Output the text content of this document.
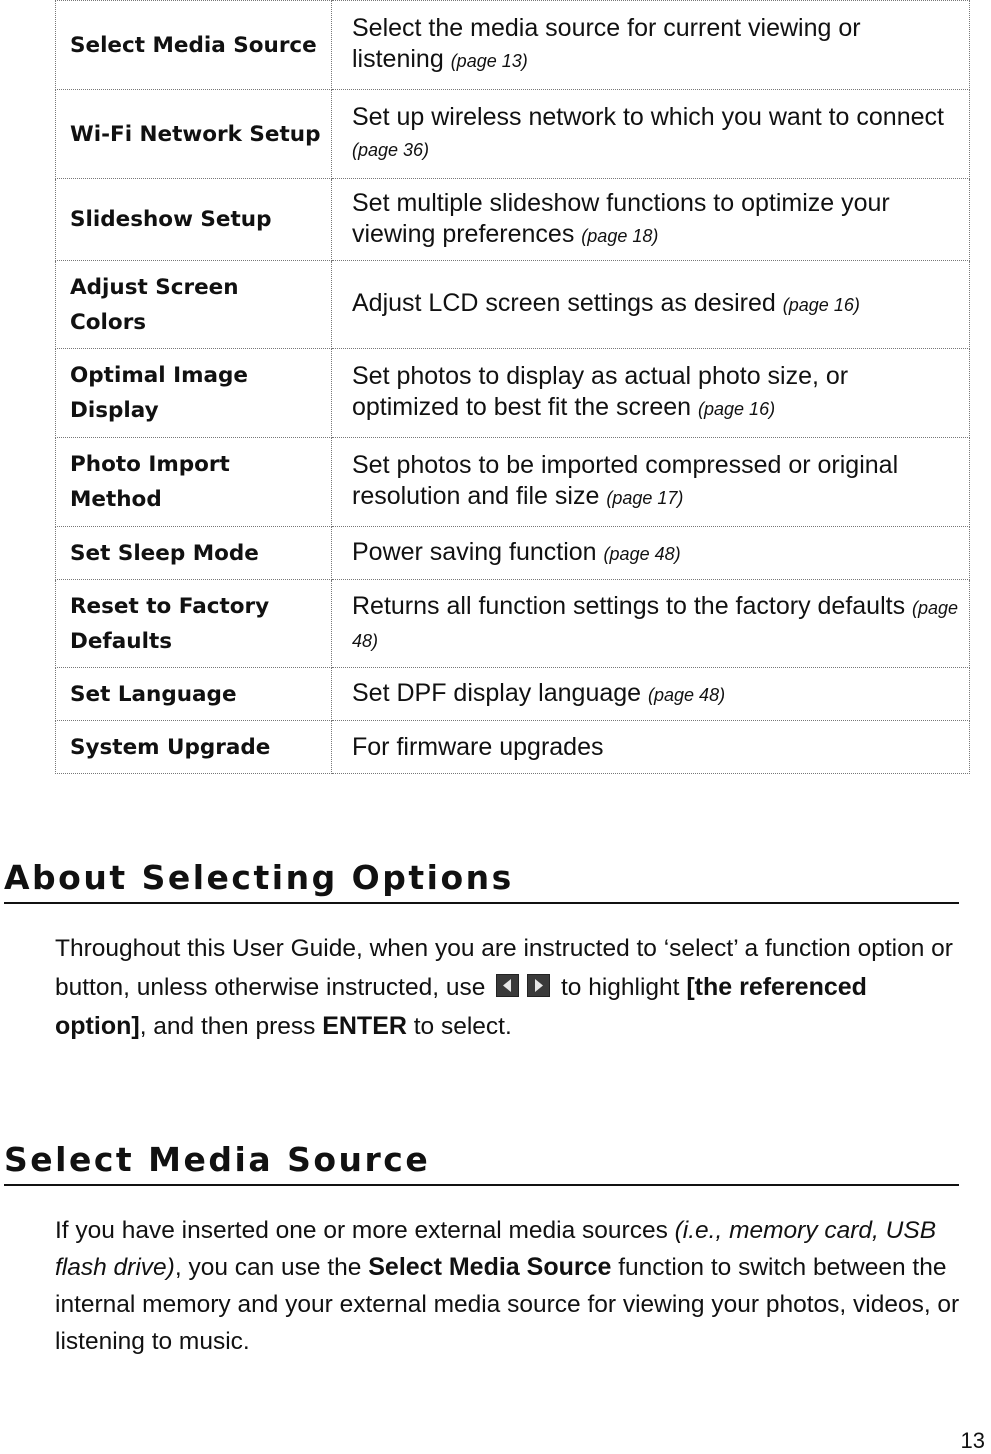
Select Media Source	Select the media source for current viewing or listening (page 13)
Wi-Fi Network Setup	Set up wireless network to which you want to connect (page 36)
Slideshow Setup	Set multiple slideshow functions to optimize your viewing preferences (page 18)
Adjust Screen Colors	Adjust LCD screen settings as desired (page 16)
Optimal Image Display	Set photos to display as actual photo size, or optimized to best fit the screen (page 16)
Photo Import Method	Set photos to be imported compressed or original resolution and file size (page 17)
Set Sleep Mode	Power saving function (page 48)
Reset to Factory Defaults	Returns all function settings to the factory defaults (page 48)
Set Language	Set DPF display language (page 48)
System Upgrade	For firmware upgrades
About Selecting Options

Throughout this User Guide, when you are instructed to ‘select’ a function option or button, unless otherwise instructed, use	to highlight [the referenced option], and then press ENTER to select.

Select Media Source

If you have inserted one or more external media sources (i.e., memory card, USB flash drive), you can use the Select Media Source function to switch between the internal memory and your external media source for viewing your photos, videos, or listening to music.

13
